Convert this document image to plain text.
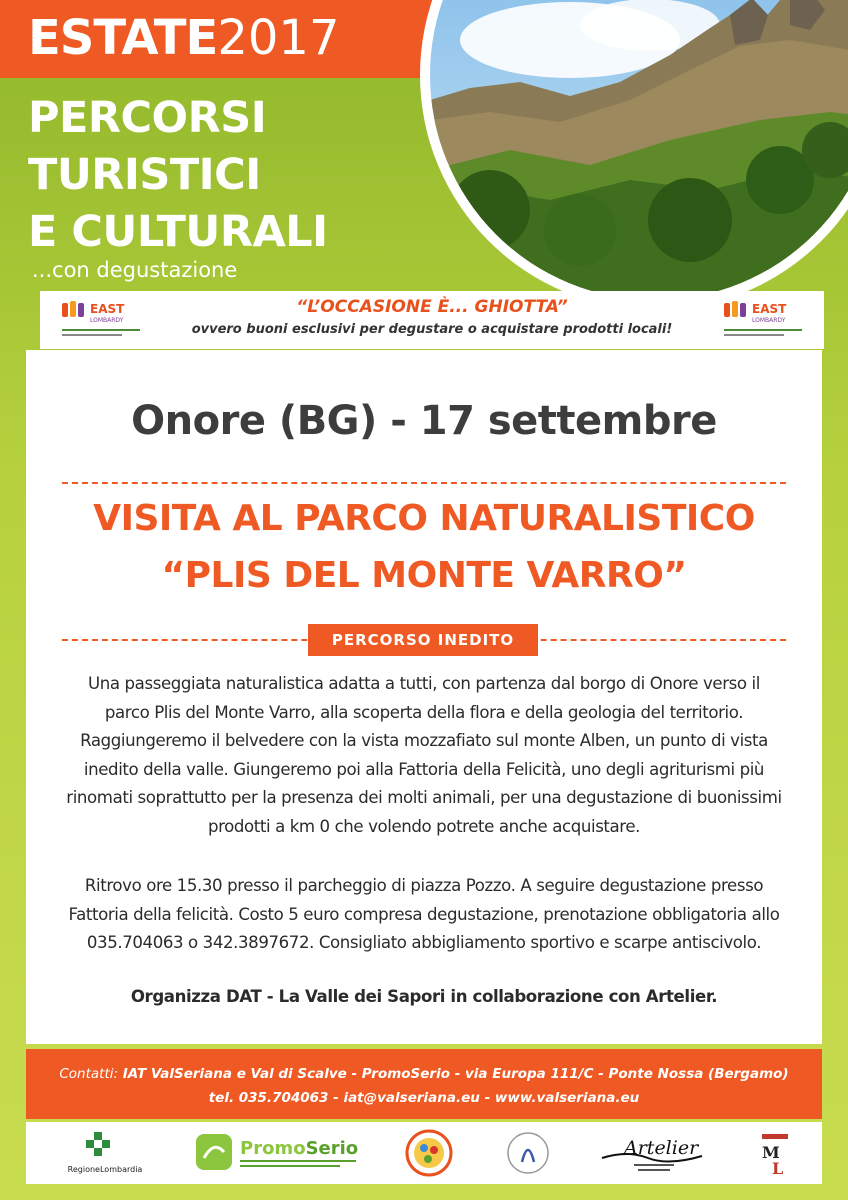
ESTATE2017
PERCORSI
TURISTICI
E CULTURALI
...con degustazione
EAST
LOMBARDY
“L’OCCASIONE È... GHIOTTA”
ovvero buoni esclusivi per degustare o acquistare prodotti locali!
EAST
LOMBARDY
Onore (BG) - 17 settembre
VISITA AL PARCO NATURALISTICO
“PLIS DEL MONTE VARRO”
PERCORSO INEDITO
Una passeggiata naturalistica adatta a tutti, con partenza dal borgo di Onore verso il parco Plis del Monte Varro, alla scoperta della flora e della geologia del territorio. Raggiungeremo il belvedere con la vista mozzafiato sul monte Alben, un punto di vista inedito della valle. Giungeremo poi alla Fattoria della Felicità, uno degli agriturismi più rinomati soprattutto per la presenza dei molti animali, per una degustazione di buonissimi prodotti a km 0 che volendo potrete anche acquistare.
Ritrovo ore 15.30 presso il parcheggio di piazza Pozzo. A seguire degustazione presso Fattoria della felicità. Costo 5 euro compresa degustazione, prenotazione obbligatoria allo 035.704063 o 342.3897672. Consigliato abbigliamento sportivo e scarpe antiscivolo.
Organizza DAT - La Valle dei Sapori in collaborazione con Artelier.
Contatti: IAT ValSeriana e Val di Scalve - PromoSerio - via Europa 111/C - Ponte Nossa (Bergamo)
tel. 035.704063 - iat@valseriana.eu - www.valseriana.eu
RegioneLombardia
PromoSerio	Artelier	M
L
